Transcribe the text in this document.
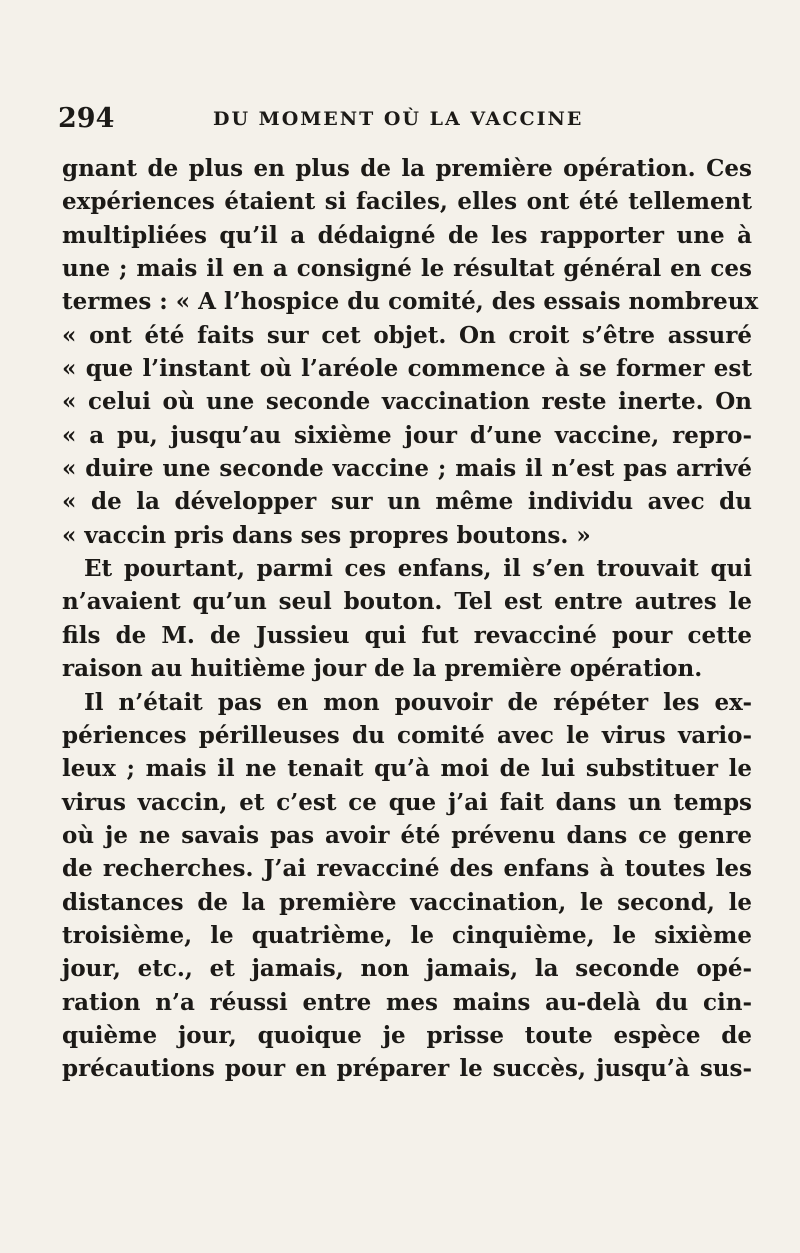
294	DU MOMENT OÙ LA VACCINE
gnant de plus en plus de la première opération. Ces
expériences étaient si faciles, elles ont été tellement
multipliées qu’il a dédaigné de les rapporter une à
une ; mais il en a consigné le résultat général en ces
termes : « A l’hospice du comité, des essais nombreux
« ont été faits sur cet objet. On croit s’être assuré
« que l’instant où l’aréole commence à se former est
« celui où une seconde vaccination reste inerte. On
« a pu, jusqu’au sixième jour d’une vaccine, repro-
« duire une seconde vaccine ; mais il n’est pas arrivé
« de la développer sur un même individu avec du
« vaccin pris dans ses propres boutons. »
Et pourtant, parmi ces enfans, il s’en trouvait qui
n’avaient qu’un seul bouton. Tel est entre autres le
fils de M. de Jussieu qui fut revacciné pour cette
raison au huitième jour de la première opération.
Il n’était pas en mon pouvoir de répéter les ex-
périences périlleuses du comité avec le virus vario-
leux ; mais il ne tenait qu’à moi de lui substituer le
virus vaccin, et c’est ce que j’ai fait dans un temps
où je ne savais pas avoir été prévenu dans ce genre
de recherches. J’ai revacciné des enfans à toutes les
distances de la première vaccination, le second, le
troisième, le quatrième, le cinquième, le sixième
jour, etc., et jamais, non jamais, la seconde opé-
ration n’a réussi entre mes mains au-delà du cin-
quième jour, quoique je prisse toute espèce de
précautions pour en préparer le succès, jusqu’à sus-
